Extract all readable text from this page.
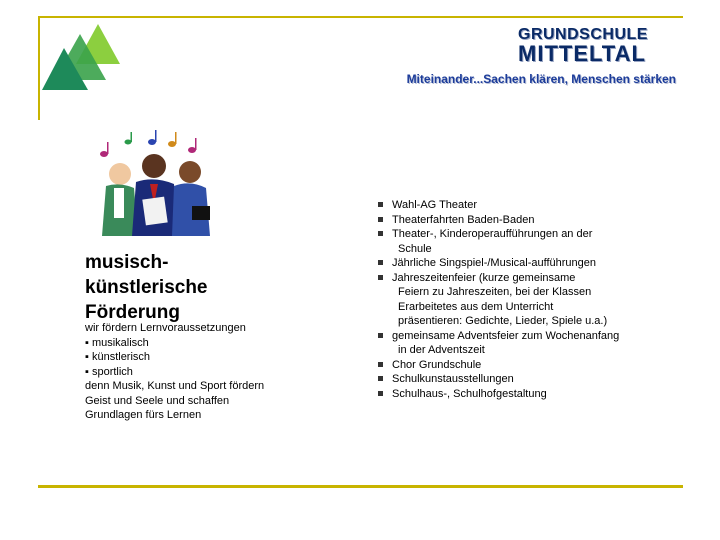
GRUNDSCHULE
MITTELTAL
Miteinander...Sachen klären, Menschen stärken
musisch-
künstlerische
Förderung
wir fördern Lernvoraussetzungen
▪ musikalisch
▪ künstlerisch
▪ sportlich
denn Musik, Kunst und Sport fördern
Geist und Seele und schaffen
Grundlagen fürs Lernen
Wahl-AG Theater
Theaterfahrten Baden-Baden
Theater-, Kinderoperaufführungen an der
Schule
Jährliche Singspiel-/Musical-aufführungen
Jahreszeitenfeier (kurze gemeinsame
Feiern zu Jahreszeiten, bei der Klassen
Erarbeitetes aus dem Unterricht
präsentieren: Gedichte, Lieder, Spiele u.a.)
gemeinsame Adventsfeier zum Wochenanfang
in der Adventszeit
Chor Grundschule
Schulkunstausstellungen
Schulhaus-, Schulhofgestaltung
